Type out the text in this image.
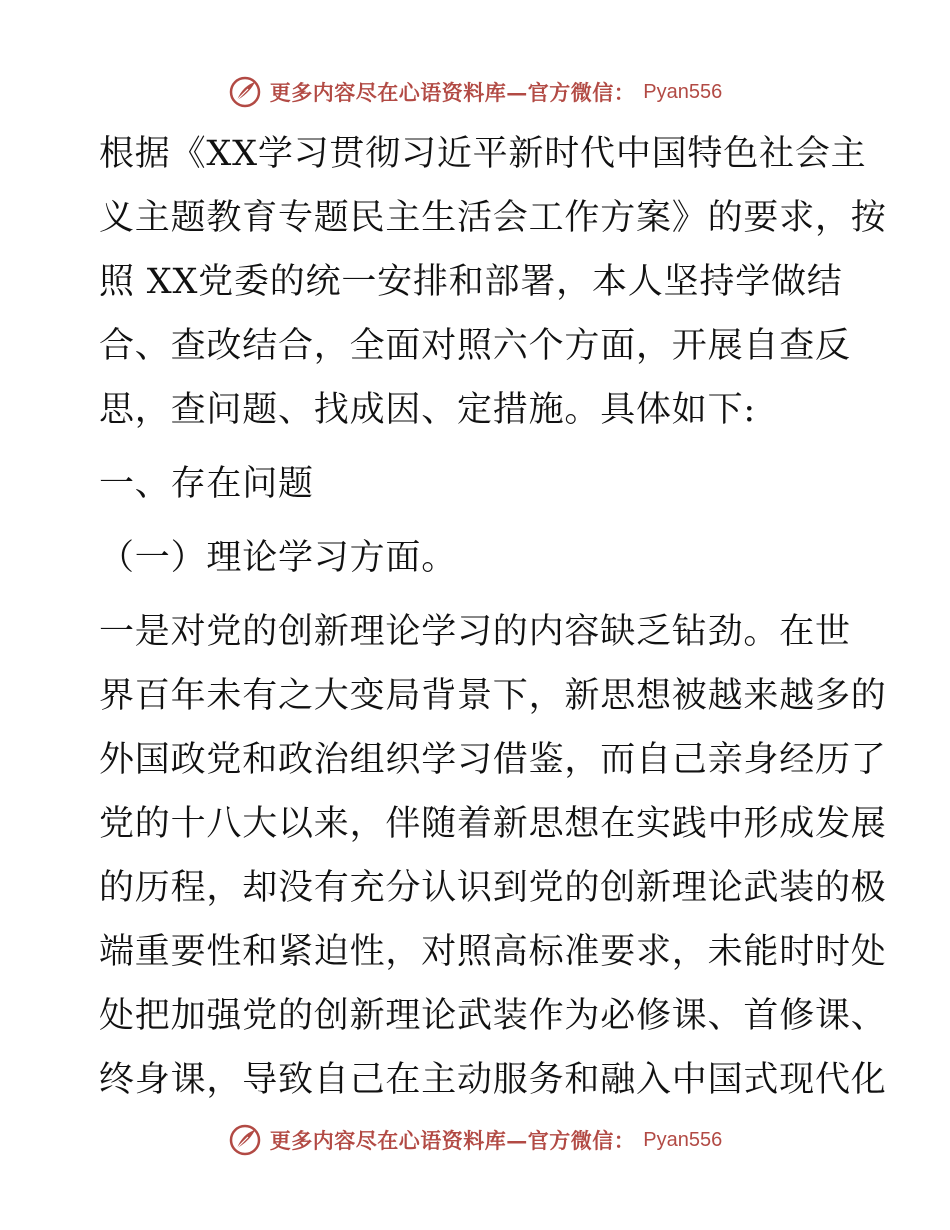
更多内容尽在心语资料库—官方微信： Pyan556
根据《XX学习贯彻习近平新时代中国特色社会主
义主题教育专题民主生活会工作方案》的要求，按
照 XX党委的统一安排和部署，本人坚持学做结
合、查改结合，全面对照六个方面，开展自查反
思，查问题、找成因、定措施。具体如下:
一、存在问题
（一）理论学习方面。
一是对党的创新理论学习的内容缺乏钻劲。在世
界百年未有之大变局背景下，新思想被越来越多的
外国政党和政治组织学习借鉴，而自己亲身经历了
党的十八大以来，伴随着新思想在实践中形成发展
的历程，却没有充分认识到党的创新理论武装的极
端重要性和紧迫性，对照高标准要求，未能时时处
处把加强党的创新理论武装作为必修课、首修课、
终身课，导致自己在主动服务和融入中国式现代化
更多内容尽在心语资料库—官方微信： Pyan556
